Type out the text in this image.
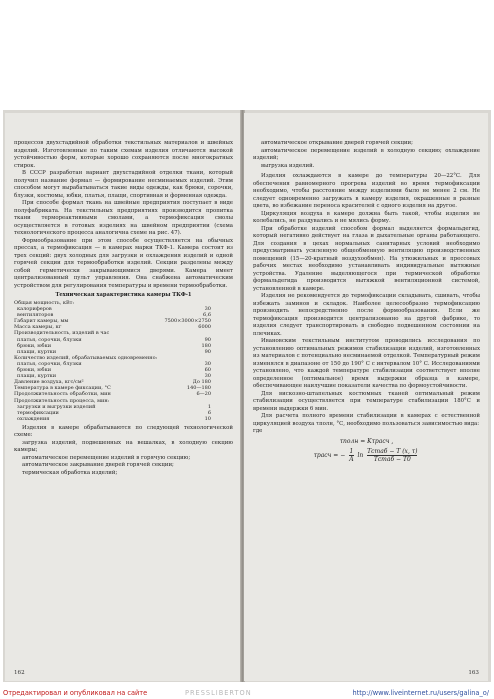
процессов двухстадийной обработки текстильных материалов и швейных изделий. Изготовленные по таким схемам изделия отличаются высокой устойчивостью форм, которые хорошо сохраняются после многократных стирок.

В СССР разработан вариант двухстадийной отделки ткани, который получил название формал — формирование несминаемых изделий. Этим способом могут вырабатываться такие виды одежды, как брюки, сорочки, блузки, костюмы, юбки, платья, плащи, спортивная и форменная одежда.

При способе формал ткань на швейные предприятия поступает в виде полуфабриката. На текстильных предприятиях производится пропитка ткани термореактивными смолами, а термофиксация смолы осуществляется в готовых изделиях на швейном предприятии (схема технологического процесса аналогична схеме на рис. 47).

Формообразование при этом способе осуществляется на обычных прессах, а термофиксация — в камерах марки ТКФ-1. Камера состоит из трех секций: двух холодных для загрузки и охлаждения изделий и одной горячей секции для термообработки изделий. Секции разделены между собой герметически закрывающимися дверями. Камера имеет централизованный пульт управления. Она снабжена автоматическим устройством для регулирования температуры и времени термообработки.

Техническая характеристика камеры ТКФ-1
Общая мощность, кВт:	
калориферов	30
вентиляторов	6,6
Габарит камеры, мм	7500×3000×2750
Масса камеры, кг	6000
Производительность, изделий в час	
платья, сорочки, блузки	90
брюки, юбки	180
плащи, куртки	90
Количество изделий, обрабатываемых одновременно:	
платья, сорочки, блузки	30
брюки, юбки	60
плащи, куртки	30
Давление воздуха, кгс/см²	До 180
Температура в камере фиксации, °С	140—180
Продолжительность обработки, мин	6—20
Продолжительность процесса, мин:	
загрузки и выгрузки изделий	1
термофиксации	6
охлаждения	10

Изделия в камере обрабатываются по следующей технологической схеме:

загрузка изделий, подвешенных на вешалках, в холодную секцию камеры;

автоматическое перемещение изделий в горячую секцию;

автоматическое закрывание дверей горячей секции;

термическая обработка изделий;

162

автоматическое открывание дверей горячей секции;

автоматическое перемещение изделий в холодную секцию; охлаждение изделий;

выгрузка изделий.

Изделия охлаждаются в камере до температуры 20—22°С. Для обеспечения равномерного прогрева изделий во время термофиксации необходимо, чтобы расстояние между изделиями было не менее 2 см. Не следует одновременно загружать в камеру изделия, окрашенные в разные цвета, во избежание переноса красителей с одного изделия на другое.

Циркуляция воздуха в камере должна быть такой, чтобы изделия не колебались, не раздувались и не мялись форму.

При обработке изделий способом формал выделяется формальдегид, который негативно действует на глаза и дыхательные органы работающего. Для создания в цехах нормальных санитарных условий необходимо предусматривать усиленную общеобменную вентиляцию производственных помещений (15—20-кратный воздухообмен). На утюжильных и прессовых рабочих местах необходимо устанавливать индивидуальные вытяжные устройства. Удаление выделяющегося при термической обработке формальдегида производится вытяжкой вентиляционной системой, установленной в камере.

Изделия не рекомендуется до термофиксации складывать, сшивать, чтобы избежать заминов и складок. Наиболее целесообразно термофиксацию производить непосредственно после формообразования. Если же термофиксация производится централизованно на другой фабрике, то изделия следует транспортировать в свободно подвешенном состоянии на плечиках.

Ивановским текстильным институтом проводились исследования по установлению оптимальных режимов стабилизации изделий, изготовленных из материалов с потенциально несминаемой отделкой. Температурный режим изменялся в диапазоне от 150 до 190° С с интервалом 10° С. Исследованиями установлено, что каждой температуре стабилизации соответствует вполне определенное (оптимальное) время выдержки образца в камере, обеспечивающее наилучшие показатели качества по формоустойчивости.

Для вискозно-штапельных костюмных тканей оптимальный режим стабилизации осуществляется при температуре стабилизации 180°С и времени выдержки 6 мин.

Для расчета полного времени стабилизации в камерах с естественной циркуляцией воздуха τполн, °С, необходимо пользоваться зависимостью вида:

где

τполн = Kτрасч ,
τрасч = − $\frac{1}{A}$ $\ln \frac{\text{Tстаб − T (x, τ)}}{\text{Tстаб − T0}}$
163
Отредактировал и опубликовал на сайте	PRESSLIBERTON	http://www.liveinternet.ru/users/galina_o/
